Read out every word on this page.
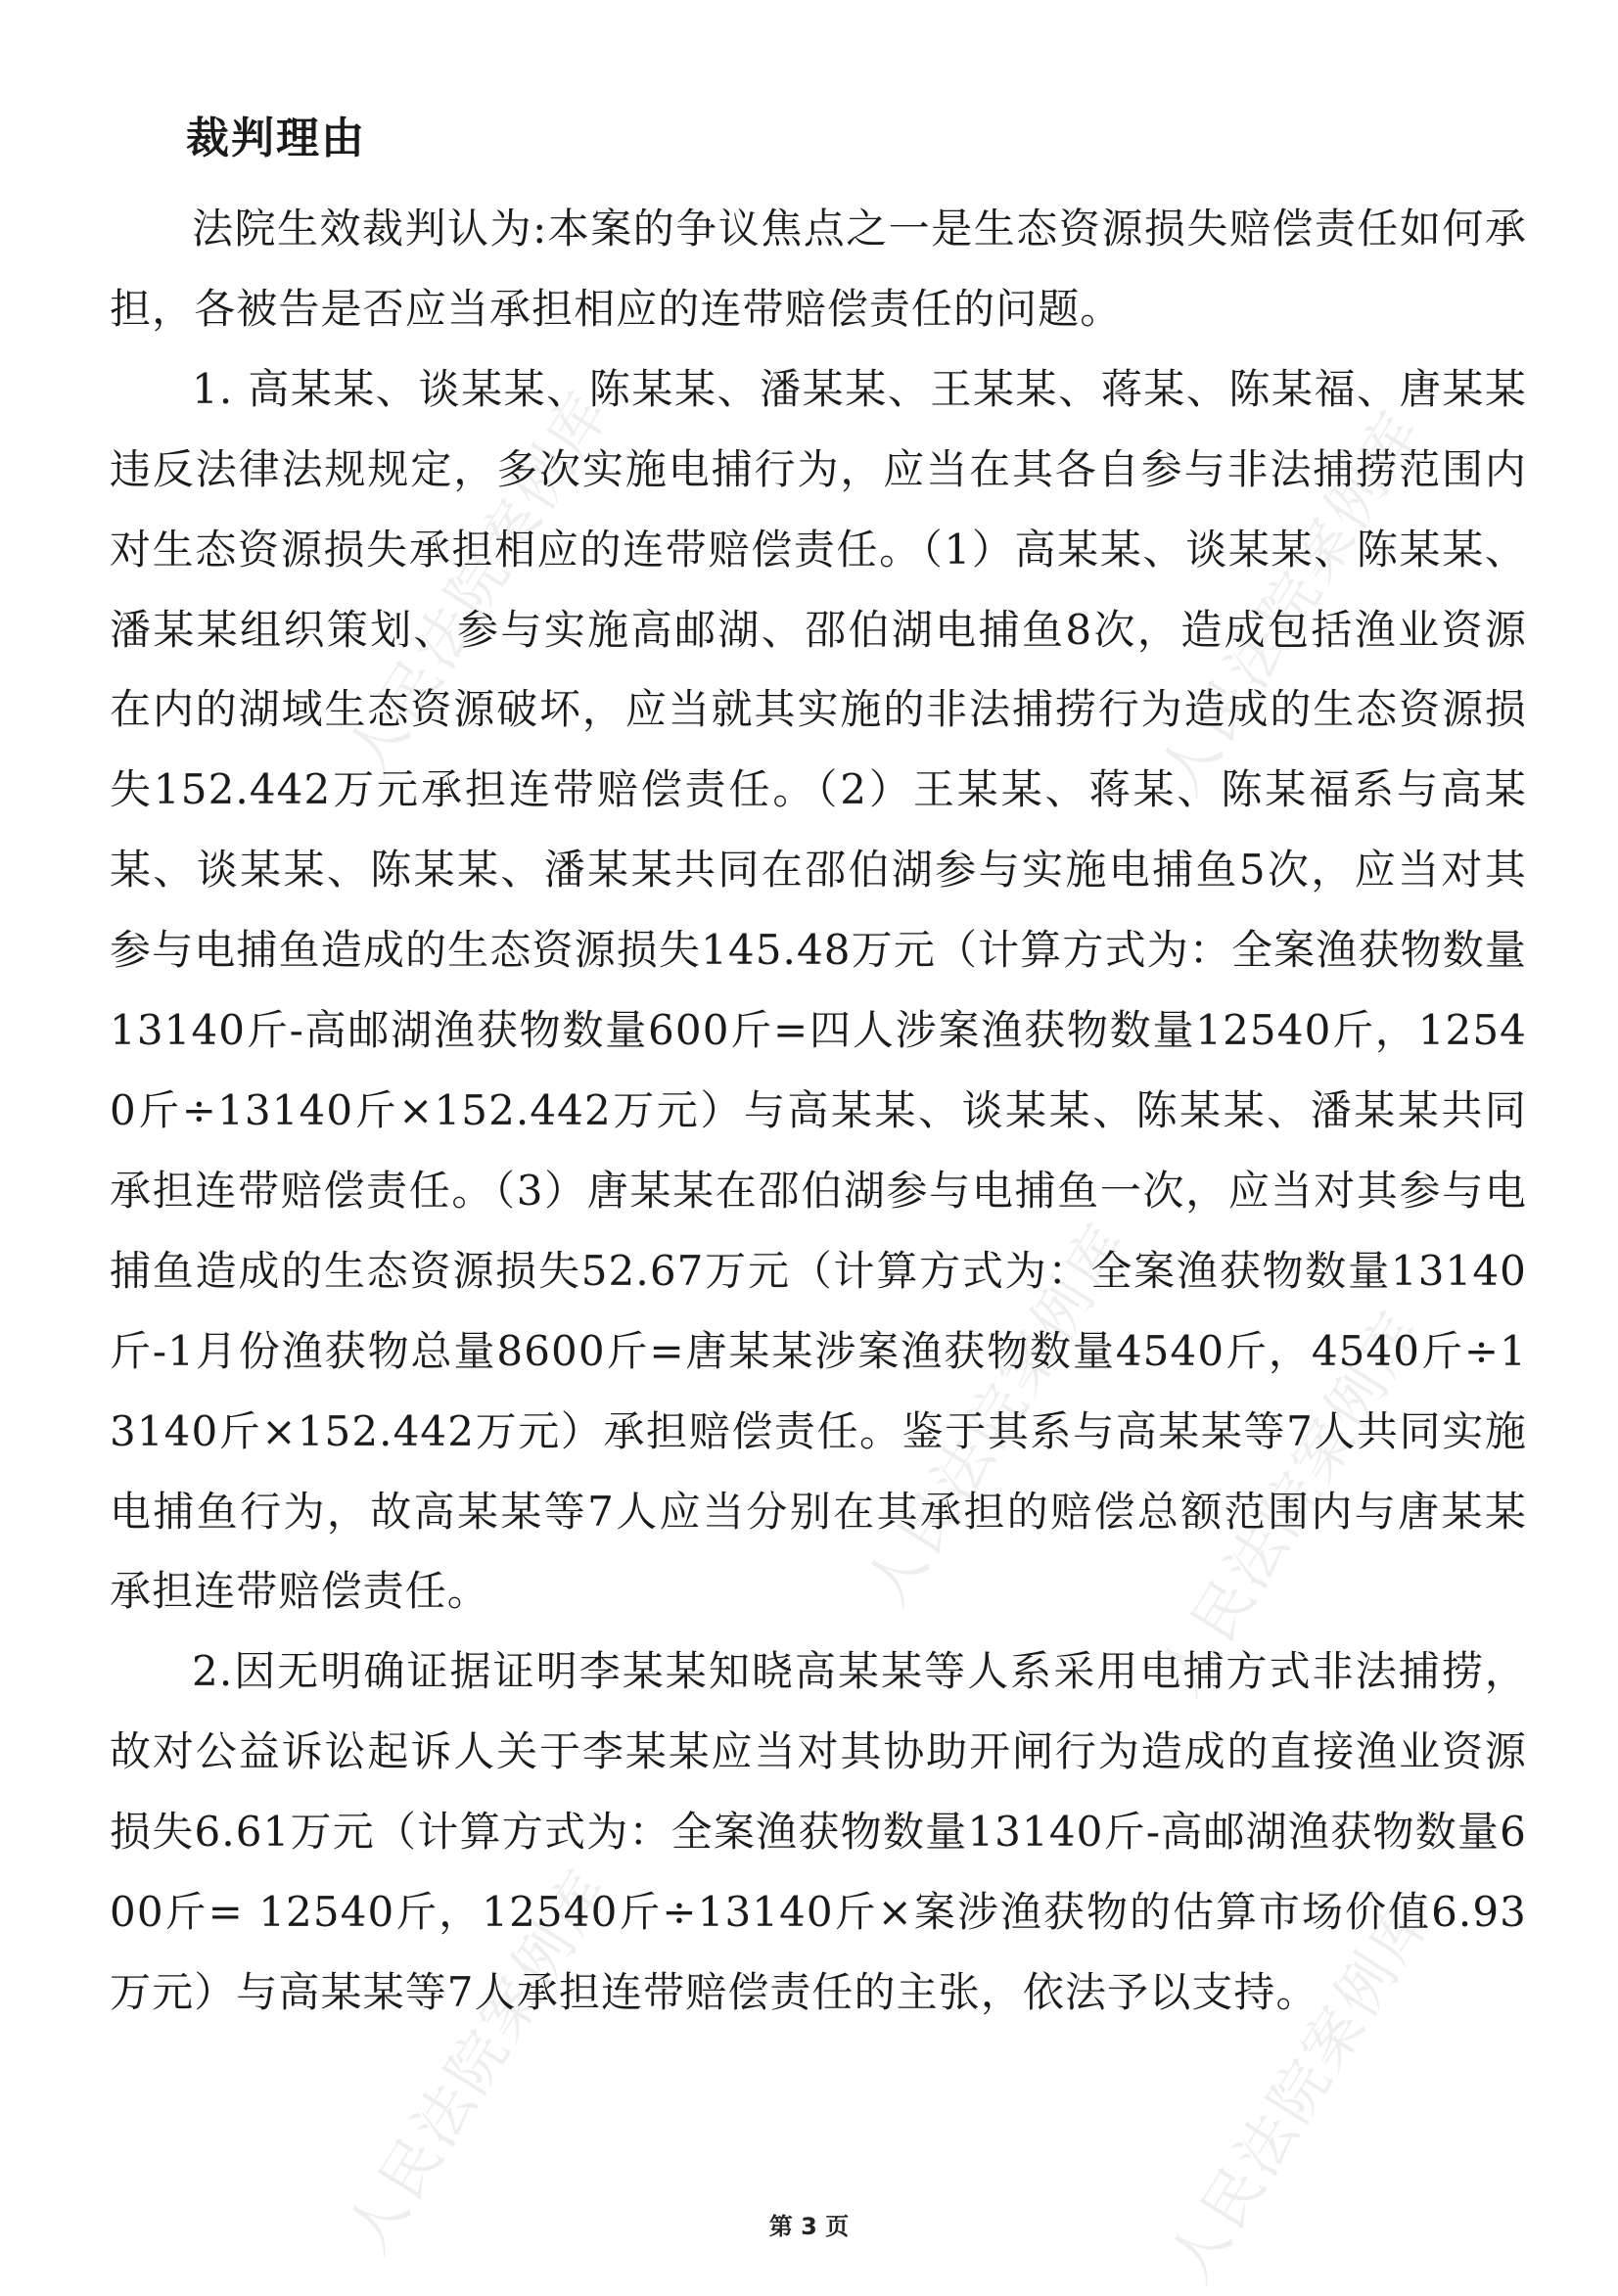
人民法院案例库	人民法院案例库
人民法院案例库 人民法院案例库
人民法院案例库	人民法院案例库
裁判理由

法院生效裁判认为:本案的争议焦点之一是生态资源损失赔偿责任如何承担，各被告是否应当承担相应的连带赔偿责任的问题。

1. 高某某、谈某某、陈某某、潘某某、王某某、蒋某、陈某福、唐某某违反法律法规规定，多次实施电捕行为，应当在其各自参与非法捕捞范围内对生态资源损失承担相应的连带赔偿责任。（1）高某某、谈某某、陈某某、潘某某组织策划、参与实施高邮湖、邵伯湖电捕鱼8次，造成包括渔业资源在内的湖域生态资源破坏，应当就其实施的非法捕捞行为造成的生态资源损失152.442万元承担连带赔偿责任。（2）王某某、蒋某、陈某福系与高某某、谈某某、陈某某、潘某某共同在邵伯湖参与实施电捕鱼5次，应当对其参与电捕鱼造成的生态资源损失145.48万元（计算方式为：全案渔获物数量13140斤-高邮湖渔获物数量600斤=四人涉案渔获物数量12540斤，12540斤÷13140斤×152.442万元）与高某某、谈某某、陈某某、潘某某共同承担连带赔偿责任。（3）唐某某在邵伯湖参与电捕鱼一次，应当对其参与电捕鱼造成的生态资源损失52.67万元（计算方式为：全案渔获物数量13140斤-1月份渔获物总量8600斤=唐某某涉案渔获物数量4540斤，4540斤÷13140斤×152.442万元）承担赔偿责任。鉴于其系与高某某等7人共同实施电捕鱼行为，故高某某等7人应当分别在其承担的赔偿总额范围内与唐某某承担连带赔偿责任。

2.因无明确证据证明李某某知晓高某某等人系采用电捕方式非法捕捞，故对公益诉讼起诉人关于李某某应当对其协助开闸行为造成的直接渔业资源损失6.61万元（计算方式为：全案渔获物数量13140斤-高邮湖渔获物数量600斤= 12540斤，12540斤÷13140斤×案涉渔获物的估算市场价值6.93万元）与高某某等7人承担连带赔偿责任的主张，依法予以支持。

第 3 页
